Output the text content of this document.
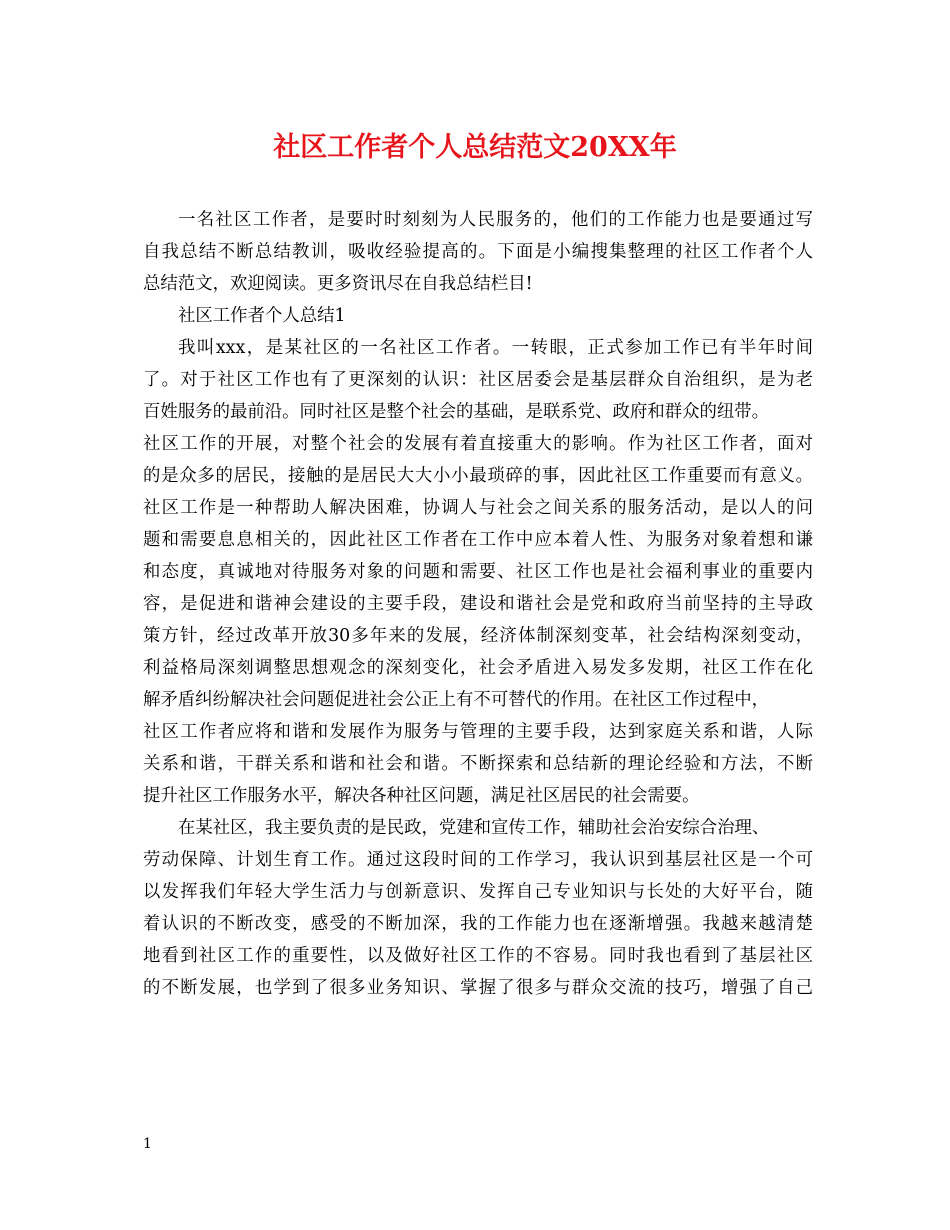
社区工作者个人总结范文20XX年
一名社区工作者，是要时时刻刻为人民服务的，他们的工作能力也是要通过写
自我总结不断总结教训，吸收经验提高的。下面是小编搜集整理的社区工作者个人
总结范文，欢迎阅读。更多资讯尽在自我总结栏目!
社区工作者个人总结1
我叫xxx，是某社区的一名社区工作者。一转眼，正式参加工作已有半年时间
了。对于社区工作也有了更深刻的认识：社区居委会是基层群众自治组织，是为老
百姓服务的最前沿。同时社区是整个社会的基础，是联系党、政府和群众的纽带。
社区工作的开展，对整个社会的发展有着直接重大的影响。作为社区工作者，面对
的是众多的居民，接触的是居民大大小小最琐碎的事，因此社区工作重要而有意义。
社区工作是一种帮助人解决困难，协调人与社会之间关系的服务活动，是以人的问
题和需要息息相关的，因此社区工作者在工作中应本着人性、为服务对象着想和谦
和态度，真诚地对待服务对象的问题和需要、社区工作也是社会福利事业的重要内
容，是促进和谐神会建设的主要手段，建设和谐社会是党和政府当前坚持的主导政
策方针，经过改革开放30多年来的发展，经济体制深刻变革，社会结构深刻变动，
利益格局深刻调整思想观念的深刻变化，社会矛盾进入易发多发期，社区工作在化
解矛盾纠纷解决社会问题促进社会公正上有不可替代的作用。在社区工作过程中，
社区工作者应将和谐和发展作为服务与管理的主要手段，达到家庭关系和谐，人际
关系和谐，干群关系和谐和社会和谐。不断探索和总结新的理论经验和方法，不断
提升社区工作服务水平，解决各种社区问题，满足社区居民的社会需要。
在某社区，我主要负责的是民政，党建和宣传工作，辅助社会治安综合治理、
劳动保障、计划生育工作。通过这段时间的工作学习，我认识到基层社区是一个可
以发挥我们年轻大学生活力与创新意识、发挥自己专业知识与长处的大好平台，随
着认识的不断改变，感受的不断加深，我的工作能力也在逐渐增强。我越来越清楚
地看到社区工作的重要性，以及做好社区工作的不容易。同时我也看到了基层社区
的不断发展，也学到了很多业务知识、掌握了很多与群众交流的技巧，增强了自己
1
